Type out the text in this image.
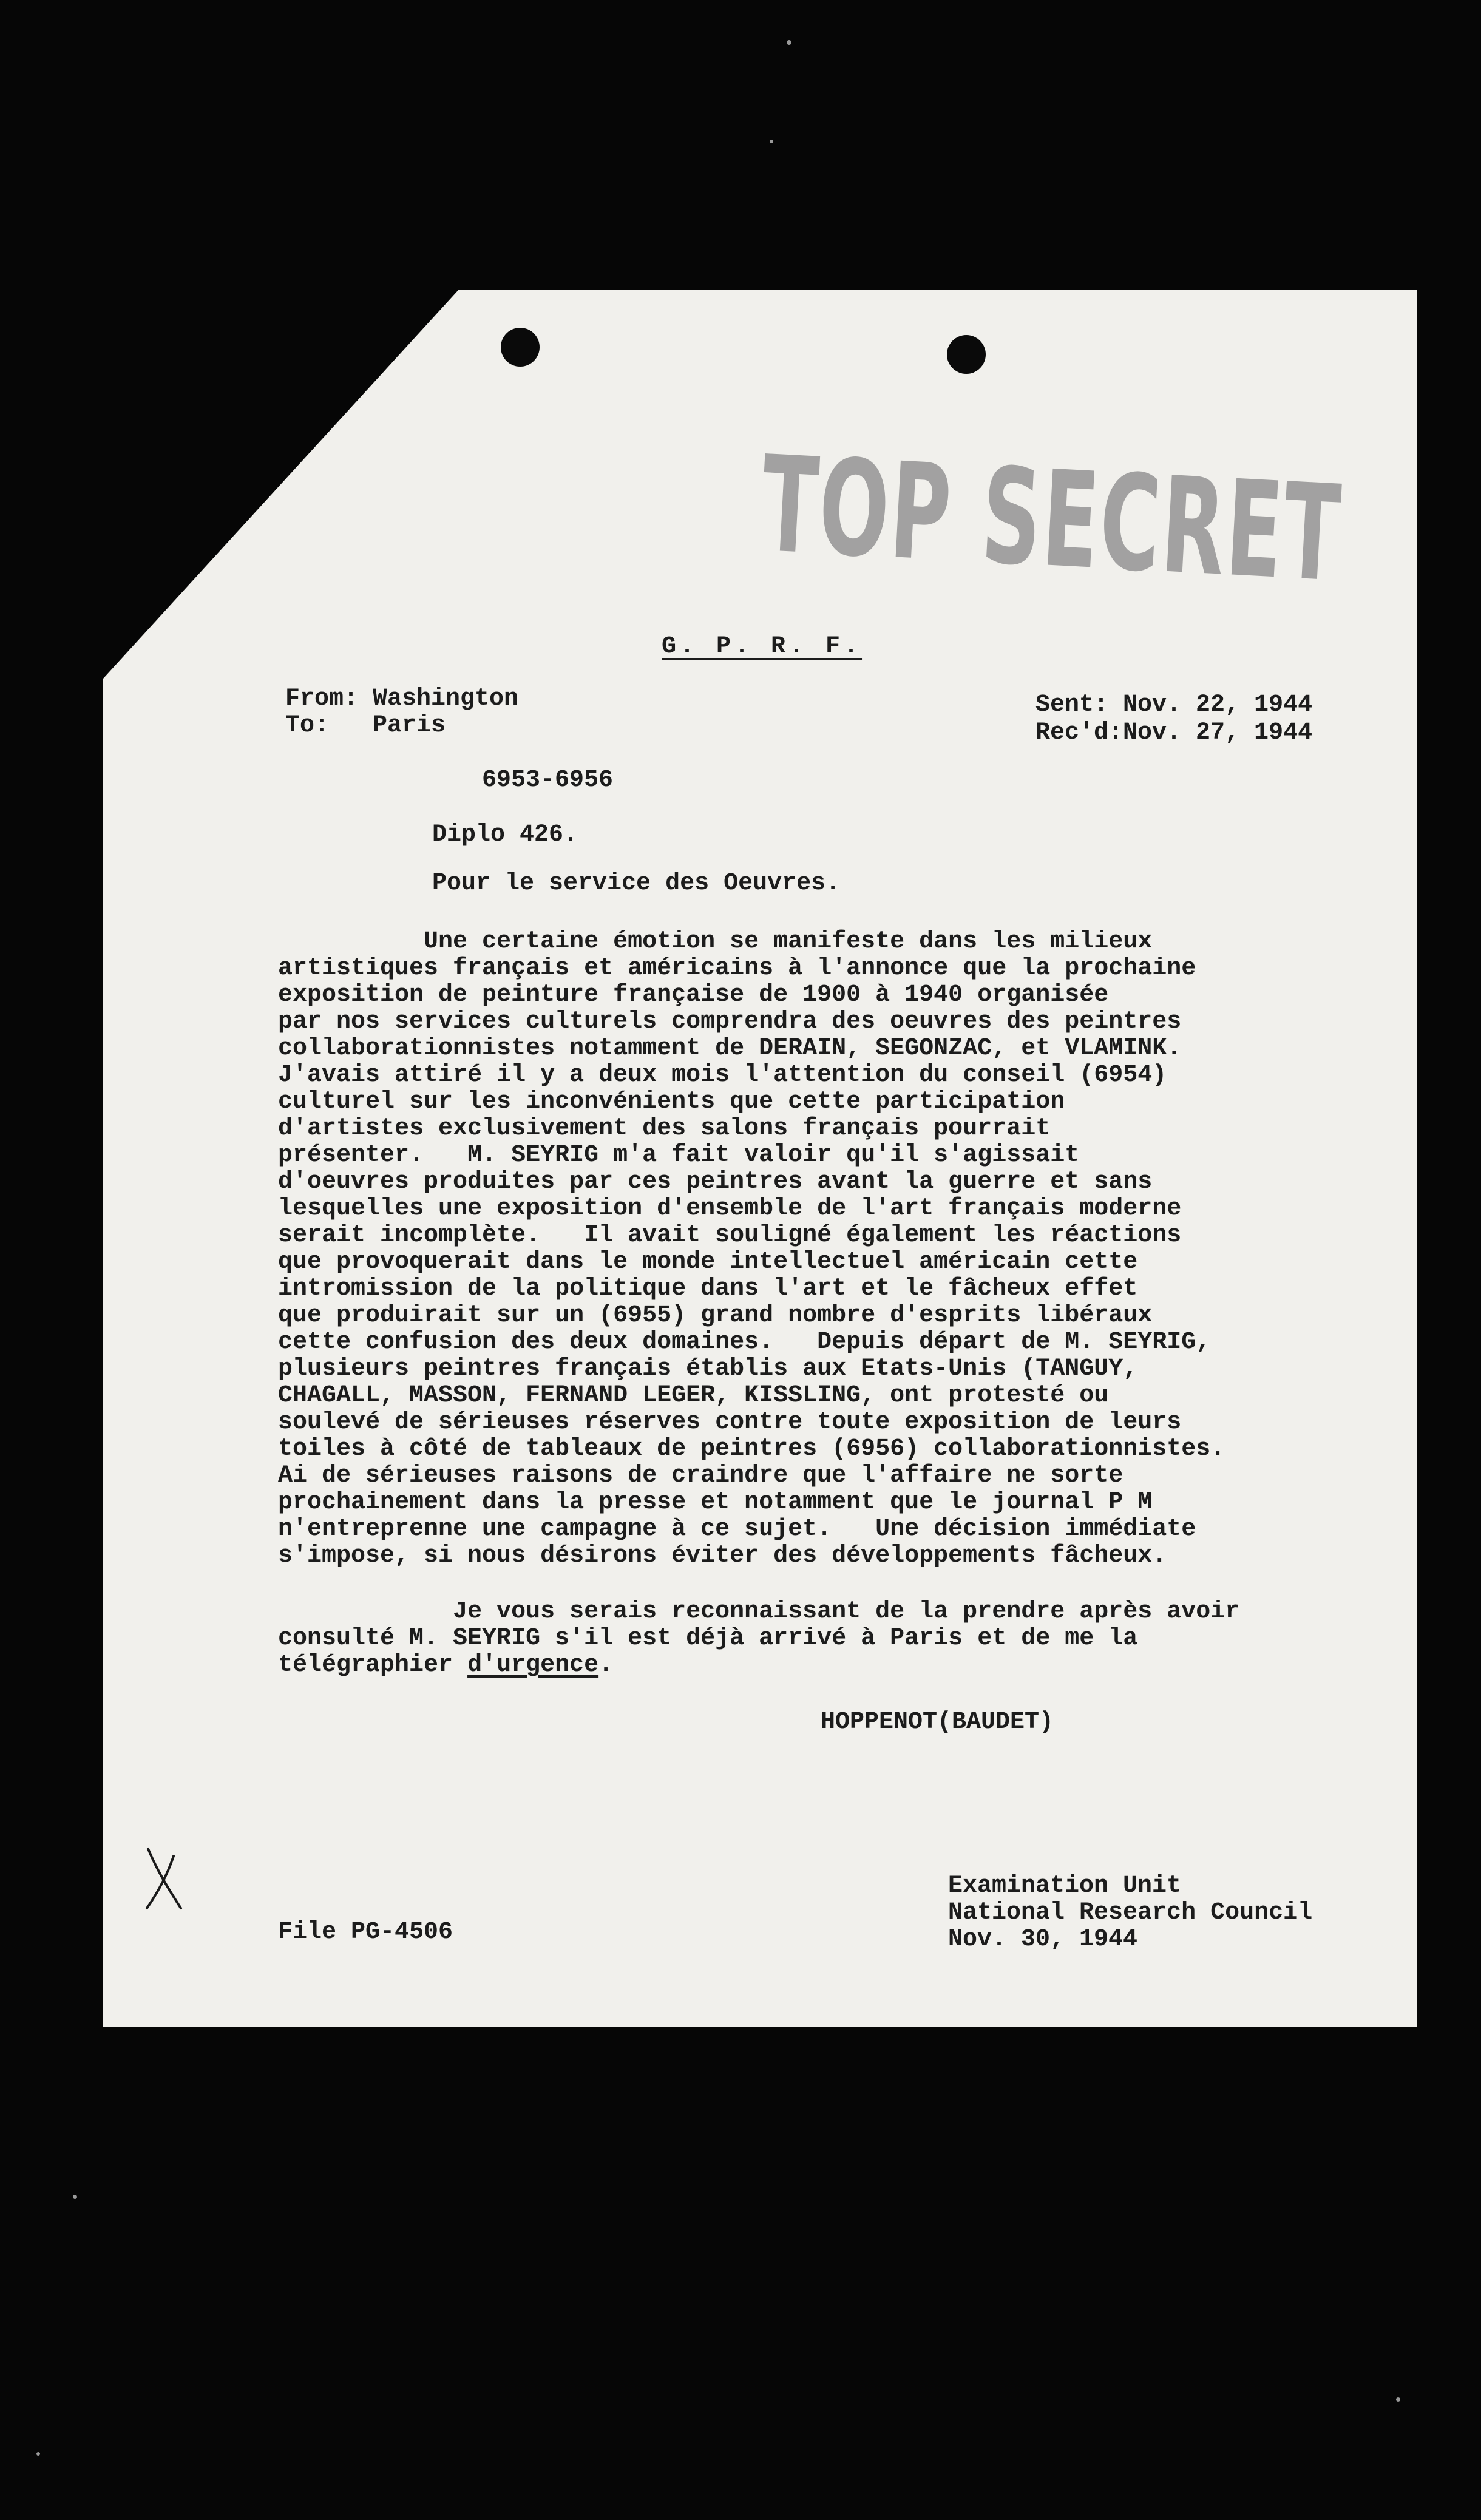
TOP SECRET
G. P. R. F.
From: Washington
To:   Paris
Sent: Nov. 22, 1944
Rec'd:Nov. 27, 1944
6953-6956
Diplo 426.
Pour le service des Oeuvres.
Une certaine émotion se manifeste dans les milieux
artistiques français et américains à l'annonce que la prochaine
exposition de peinture française de 1900 à 1940 organisée
par nos services culturels comprendra des oeuvres des peintres
collaborationnistes notamment de DERAIN, SEGONZAC, et VLAMINK.
J'avais attiré il y a deux mois l'attention du conseil (6954)
culturel sur les inconvénients que cette participation
d'artistes exclusivement des salons français pourrait
présenter.   M. SEYRIG m'a fait valoir qu'il s'agissait
d'oeuvres produites par ces peintres avant la guerre et sans
lesquelles une exposition d'ensemble de l'art français moderne
serait incomplète.   Il avait souligné également les réactions
que provoquerait dans le monde intellectuel américain cette
intromission de la politique dans l'art et le fâcheux effet
que produirait sur un (6955) grand nombre d'esprits libéraux
cette confusion des deux domaines.   Depuis départ de M. SEYRIG,
plusieurs peintres français établis aux Etats-Unis (TANGUY,
CHAGALL, MASSON, FERNAND LEGER, KISSLING, ont protesté ou
soulevé de sérieuses réserves contre toute exposition de leurs
toiles à côté de tableaux de peintres (6956) collaborationnistes.
Ai de sérieuses raisons de craindre que l'affaire ne sorte
prochainement dans la presse et notamment que le journal P M
n'entreprenne une campagne à ce sujet.   Une décision immédiate
s'impose, si nous désirons éviter des développements fâcheux.
Je vous serais reconnaissant de la prendre après avoir
consulté M. SEYRIG s'il est déjà arrivé à Paris et de me la
télégraphier d'urgence.
HOPPENOT(BAUDET)
File PG-4506
Examination Unit
National Research Council
Nov. 30, 1944
